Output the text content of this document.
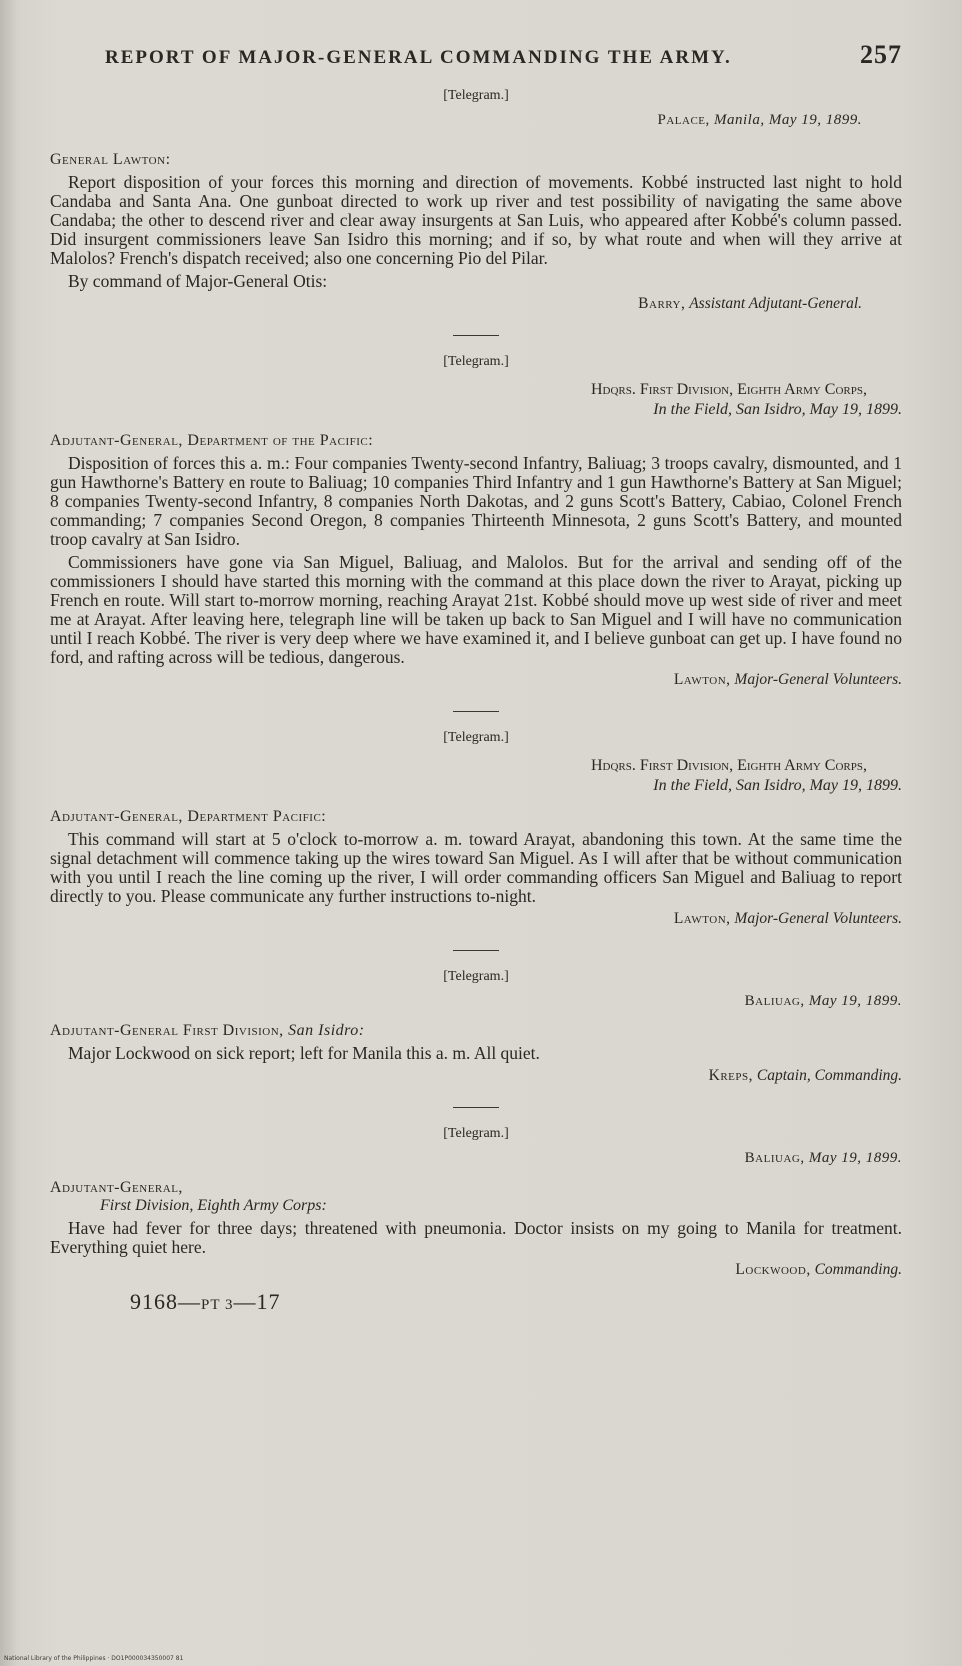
REPORT OF MAJOR-GENERAL COMMANDING THE ARMY.	257
[Telegram.]
Palace, Manila, May 19, 1899.
General Lawton:

Report disposition of your forces this morning and direction of movements. Kobbé instructed last night to hold Candaba and Santa Ana. One gunboat directed to work up river and test possibility of navigating the same above Candaba; the other to descend river and clear away insurgents at San Luis, who appeared after Kobbé's column passed. Did insurgent commissioners leave San Isidro this morning; and if so, by what route and when will they arrive at Malolos? French's dispatch received; also one concerning Pio del Pilar.

By command of Major-General Otis:

Barry, Assistant Adjutant-General.
[Telegram.]
Hdqrs. First Division, Eighth Army Corps,
In the Field, San Isidro, May 19, 1899.
Adjutant-General, Department of the Pacific:

Disposition of forces this a. m.: Four companies Twenty-second Infantry, Baliuag; 3 troops cavalry, dismounted, and 1 gun Hawthorne's Battery en route to Baliuag; 10 companies Third Infantry and 1 gun Hawthorne's Battery at San Miguel; 8 companies Twenty-second Infantry, 8 companies North Dakotas, and 2 guns Scott's Battery, Cabiao, Colonel French commanding; 7 companies Second Oregon, 8 companies Thirteenth Minnesota, 2 guns Scott's Battery, and mounted troop cavalry at San Isidro.

Commissioners have gone via San Miguel, Baliuag, and Malolos. But for the arrival and sending off of the commissioners I should have started this morning with the command at this place down the river to Arayat, picking up French en route. Will start to-morrow morning, reaching Arayat 21st. Kobbé should move up west side of river and meet me at Arayat. After leaving here, telegraph line will be taken up back to San Miguel and I will have no communication until I reach Kobbé. The river is very deep where we have examined it, and I believe gunboat can get up. I have found no ford, and rafting across will be tedious, dangerous.

Lawton, Major-General Volunteers.
[Telegram.]
Hdqrs. First Division, Eighth Army Corps,
In the Field, San Isidro, May 19, 1899.
Adjutant-General, Department Pacific:

This command will start at 5 o'clock to-morrow a. m. toward Arayat, abandoning this town. At the same time the signal detachment will commence taking up the wires toward San Miguel. As I will after that be without communication with you until I reach the line coming up the river, I will order commanding officers San Miguel and Baliuag to report directly to you. Please communicate any further instructions to-night.

Lawton, Major-General Volunteers.
[Telegram.]
Baliuag, May 19, 1899.
Adjutant-General First Division, San Isidro:

Major Lockwood on sick report; left for Manila this a. m. All quiet.

Kreps, Captain, Commanding.
[Telegram.]
Baliuag, May 19, 1899.
Adjutant-General,
First Division, Eighth Army Corps:

Have had fever for three days; threatened with pneumonia. Doctor insists on my going to Manila for treatment. Everything quiet here.

Lockwood, Commanding.
9168—PT 3—17
National Library of the Philippines · DO1P000034350007 81
